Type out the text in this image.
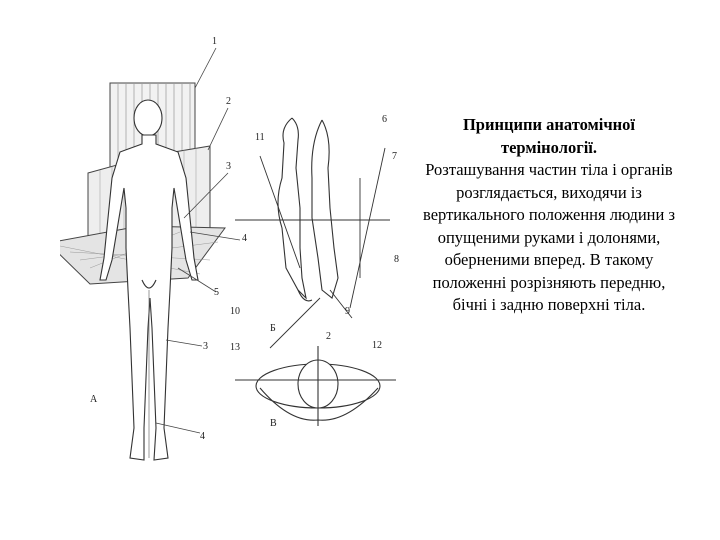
1
2
3
4
5
3
4
11
6
7
8
9
10
Б
2
13	12
В
А
Принципи анатомічної термінології.
Розташування частин тіла і органів розглядається, виходячи із вертикального положення людини з опущеними руками і долонями, оберненими вперед. В такому положенні розрізняють передню, бічні і задню поверхні тіла.
